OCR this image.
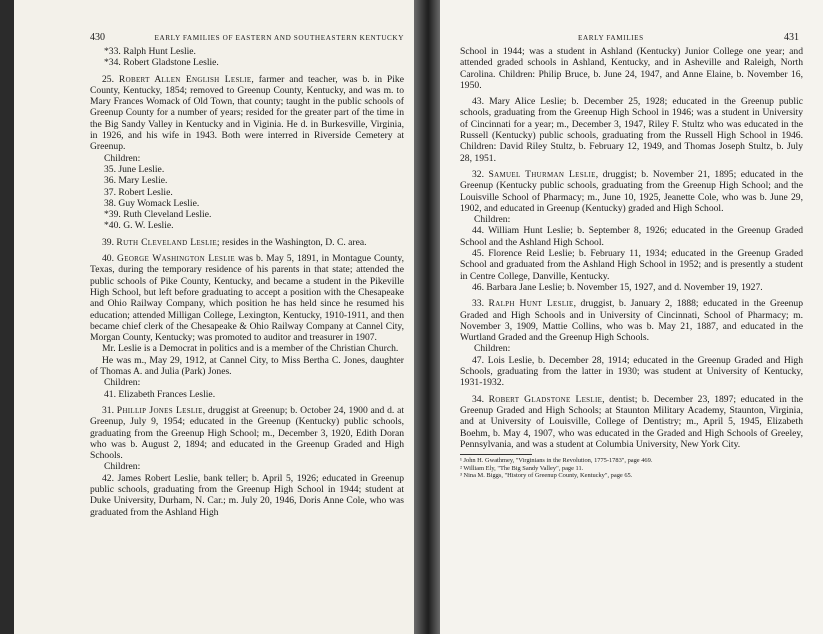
430	EARLY FAMILIES OF EASTERN AND SOUTHEASTERN KENTUCKY

*33. Ralph Hunt Leslie.

*34. Robert Gladstone Leslie.

25. Robert Allen English Leslie, farmer and teacher, was b. in Pike County, Kentucky, 1854; removed to Greenup County, Kentucky, and was m. to Mary Frances Womack of Old Town, that county; taught in the public schools of Greenup County for a number of years; resided for the greater part of the time in the Big Sandy Valley in Kentucky and in Viginia. He d. in Burkesville, Virginia, in 1926, and his wife in 1943. Both were interred in Riverside Cemetery at Greenup.

Children:

35. June Leslie.

36. Mary Leslie.

37. Robert Leslie.

38. Guy Womack Leslie.

*39. Ruth Cleveland Leslie.

*40. G. W. Leslie.

39. Ruth Cleveland Leslie; resides in the Washington, D. C. area.

40. George Washington Leslie was b. May 5, 1891, in Montague County, Texas, during the temporary residence of his parents in that state; attended the public schools of Pike County, Kentucky, and became a student in the Pikeville High School, but left before graduating to accept a position with the Chesapeake and Ohio Railway Company, which position he has held since he resumed his education; attended Milligan College, Lexington, Kentucky, 1910-1911, and then became chief clerk of the Chesapeake & Ohio Railway Company at Cannel City, Morgan County, Kentucky; was promoted to auditor and treasurer in 1907.

Mr. Leslie is a Democrat in politics and is a member of the Christian Church.

He was m., May 29, 1912, at Cannel City, to Miss Bertha C. Jones, daughter of Thomas A. and Julia (Park) Jones.

Children:

41. Elizabeth Frances Leslie.

31. Phillip Jones Leslie, druggist at Greenup; b. October 24, 1900 and d. at Greenup, July 9, 1954; educated in the Greenup (Kentucky) public schools, graduating from the Greenup High School; m., December 3, 1920, Edith Doran who was b. August 2, 1894; and educated in the Greenup Graded and High Schools.

Children:

42. James Robert Leslie, bank teller; b. April 5, 1926; educated in Greenup public schools, graduating from the Greenup High School in 1944; student at Duke University, Durham, N. Car.; m. July 20, 1946, Doris Anne Cole, who was graduated from the Ashland High

EARLY FAMILIES	431

School in 1944; was a student in Ashland (Kentucky) Junior College one year; and attended graded schools in Ashland, Kentucky, and in Asheville and Raleigh, North Carolina. Children: Philip Bruce, b. June 24, 1947, and Anne Elaine, b. November 16, 1950.

43. Mary Alice Leslie; b. December 25, 1928; educated in the Greenup public schools, graduating from the Greenup High School in 1946; was a student in University of Cincinnati for a year; m., December 3, 1947, Riley F. Stultz who was educated in the Russell (Kentucky) public schools, graduating from the Russell High School in 1946. Children: David Riley Stultz, b. February 12, 1949, and Thomas Joseph Stultz, b. July 28, 1951.

32. Samuel Thurman Leslie, druggist; b. November 21, 1895; educated in the Greenup (Kentucky public schools, graduating from the Greenup High School; and the Louisville School of Pharmacy; m., June 10, 1925, Jeanette Cole, who was b. June 29, 1902, and educated in Greenup (Kentucky) graded and High School.

Children:

44. William Hunt Leslie; b. September 8, 1926; educated in the Greenup Graded School and the Ashland High School.

45. Florence Reid Leslie; b. February 11, 1934; educated in the Greenup Graded School and graduated from the Ashland High School in 1952; and is presently a student in Centre College, Danville, Kentucky.

46. Barbara Jane Leslie; b. November 15, 1927, and d. November 19, 1927.

33. Ralph Hunt Leslie, druggist, b. January 2, 1888; educated in the Greenup Graded and High Schools and in University of Cincinnati, School of Pharmacy; m. November 3, 1909, Mattie Collins, who was b. May 21, 1887, and educated in the Wurtland Graded and the Greenup High Schools.

Children:

47. Lois Leslie, b. December 28, 1914; educated in the Greenup Graded and High Schools, graduating from the latter in 1930; was student at University of Kentucky, 1931-1932.

34. Robert Gladstone Leslie, dentist; b. December 23, 1897; educated in the Greenup Graded and High Schools; at Staunton Military Academy, Staunton, Virginia, and at University of Louisville, College of Dentistry; m., April 5, 1945, Elizabeth Boehm, b. May 4, 1907, who was educated in the Graded and High Schools of Greeley, Pennsylvania, and was a student at Columbia University, New York City.

¹ John H. Gwathmey, "Virginians in the Revolution, 1775-1783", page 469.

² William Ely, "The Big Sandy Valley", page 11.

³ Nina M. Biggs, "History of Greenup County, Kentucky", page 65.
